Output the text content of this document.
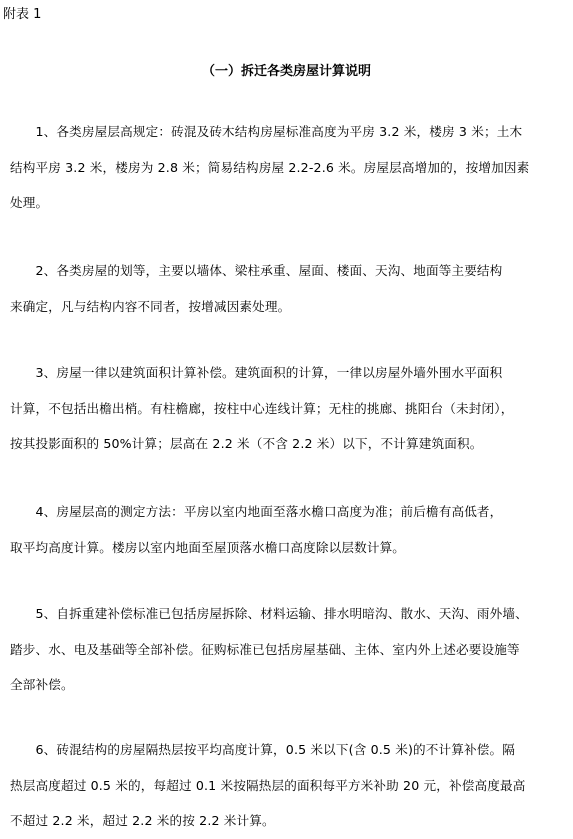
附表 1

（一）拆迁各类房屋计算说明

　　1、各类房屋层高规定：砖混及砖木结构房屋标准高度为平房 3.2 米，楼房 3 米；土木
结构平房 3.2 米，楼房为 2.8 米；简易结构房屋 2.2-2.6 米。房屋层高增加的，按增加因素
处理。

　　2、各类房屋的划等，主要以墙体、梁柱承重、屋面、楼面、天沟、地面等主要结构
来确定，凡与结构内容不同者，按增减因素处理。

　　3、房屋一律以建筑面积计算补偿。建筑面积的计算，一律以房屋外墙外围水平面积
计算，不包括出檐出梢。有柱檐廊，按柱中心连线计算；无柱的挑廊、挑阳台（未封闭），
按其投影面积的 50%计算；层高在 2.2 米（不含 2.2 米）以下，不计算建筑面积。

　　4、房屋层高的测定方法：平房以室内地面至落水檐口高度为准；前后檐有高低者，
取平均高度计算。楼房以室内地面至屋顶落水檐口高度除以层数计算。

　　5、自拆重建补偿标准已包括房屋拆除、材料运输、排水明暗沟、散水、天沟、雨外墙、
踏步、水、电及基础等全部补偿。征购标准已包括房屋基础、主体、室内外上述必要设施等
全部补偿。

　　6、砖混结构的房屋隔热层按平均高度计算，0.5 米以下(含 0.5 米)的不计算补偿。隔
热层高度超过 0.5 米的，每超过 0.1 米按隔热层的面积每平方米补助 20 元，补偿高度最高
不超过 2.2 米，超过 2.2 米的按 2.2 米计算。
